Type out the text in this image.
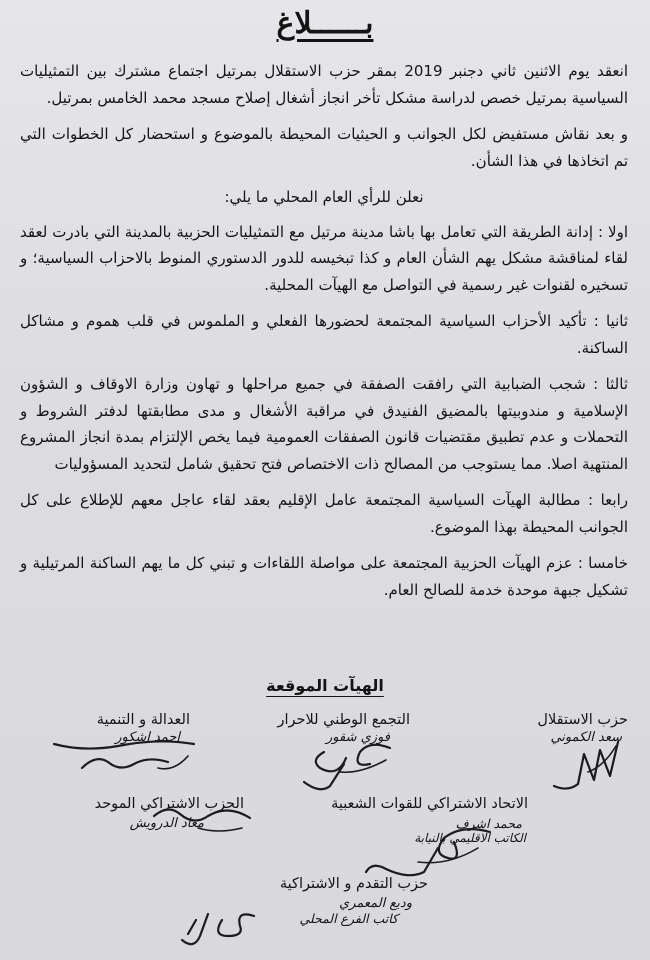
بــــــلاغ

انعقد يوم الاثنين ثاني دجنبر 2019 بمقر حزب الاستقلال بمرتيل اجتماع مشترك بين التمثيليات السياسية بمرتيل خصص لدراسة مشكل تأخر انجاز أشغال إصلاح مسجد محمد الخامس بمرتيل.

و بعد نقاش مستفيض لكل الجوانب و الحيثيات المحيطة بالموضوع و استحضار كل الخطوات التي تم اتخاذها في هذا الشأن.

نعلن للرأي العام المحلي ما يلي:

اولا : إدانة الطريقة التي تعامل بها باشا مدينة مرتيل مع التمثيليات الحزبية بالمدينة التي بادرت لعقد لقاء لمناقشة مشكل يهم الشأن العام و كذا تبخيسه للدور الدستوري المنوط بالاحزاب السياسية؛ و تسخيره لقنوات غير رسمية في التواصل مع الهيآت المحلية.

ثانيا : تأكيد الأحزاب السياسية المجتمعة لحضورها الفعلي و الملموس في قلب هموم و مشاكل الساكنة.

ثالثا : شجب الضبابية التي رافقت الصفقة في جميع مراحلها و تهاون وزارة الاوقاف و الشؤون الإسلامية و مندوبيتها بالمضيق الفنيدق في مراقبة الأشغال و مدى مطابقتها لدفتر الشروط و التحملات و عدم تطبيق مقتضيات قانون الصفقات العمومية فيما يخص الإلتزام بمدة انجاز المشروع المنتهية اصلا. مما يستوجب من المصالح ذات الاختصاص فتح تحقيق شامل لتحديد المسؤوليات

رابعا : مطالبة الهيآت السياسية المجتمعة عامل الإقليم بعقد لقاء عاجل معهم للإطلاع على كل الجوانب المحيطة بهذا الموضوع.

خامسا : عزم الهيآت الحزبية المجتمعة على مواصلة اللقاءات و تبني كل ما يهم الساكنة المرتيلية و تشكيل جبهة موحدة خدمة للصالح العام.

الهيآت الموقعة
حزب الاستقلال
سعد الكموني
التجمع الوطني للاحرار
فوزي شقور
العدالة و التنمية
احمد اشكور
الاتحاد الاشتراكي للقوات الشعبية
محمد اشرف
الكاتب الاقليمي بالنيابة
الحزب الاشتراكي الموحد
معاد الدرويش
حزب التقدم و الاشتراكية
وديع المعمري
كاتب الفرع المحلي
